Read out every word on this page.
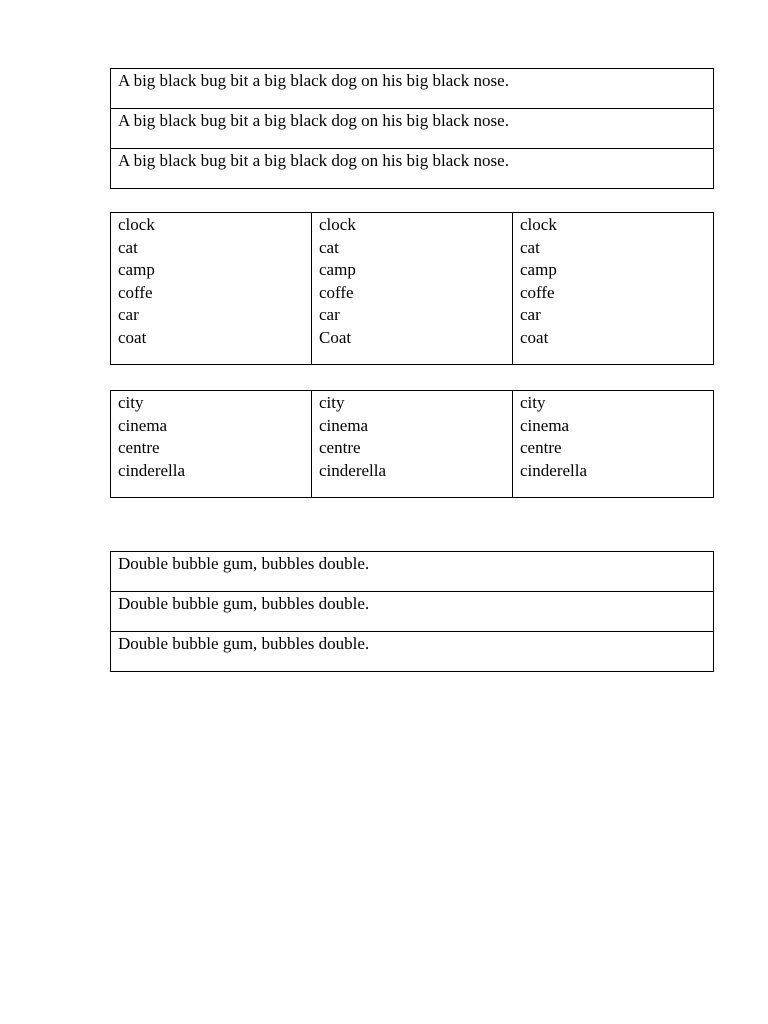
A big black bug bit a big black dog on his big black nose.
A big black bug bit a big black dog on his big black nose.
A big black bug bit a big black dog on his big black nose.
clock
cat
camp
coffe
car
coat

clock
cat
camp
coffe
car
Coat

clock
cat
camp
coffe
car
coat
city
cinema
centre
cinderella

city
cinema
centre
cinderella

city
cinema
centre
cinderella
Double bubble gum, bubbles double.
Double bubble gum, bubbles double.
Double bubble gum, bubbles double.
